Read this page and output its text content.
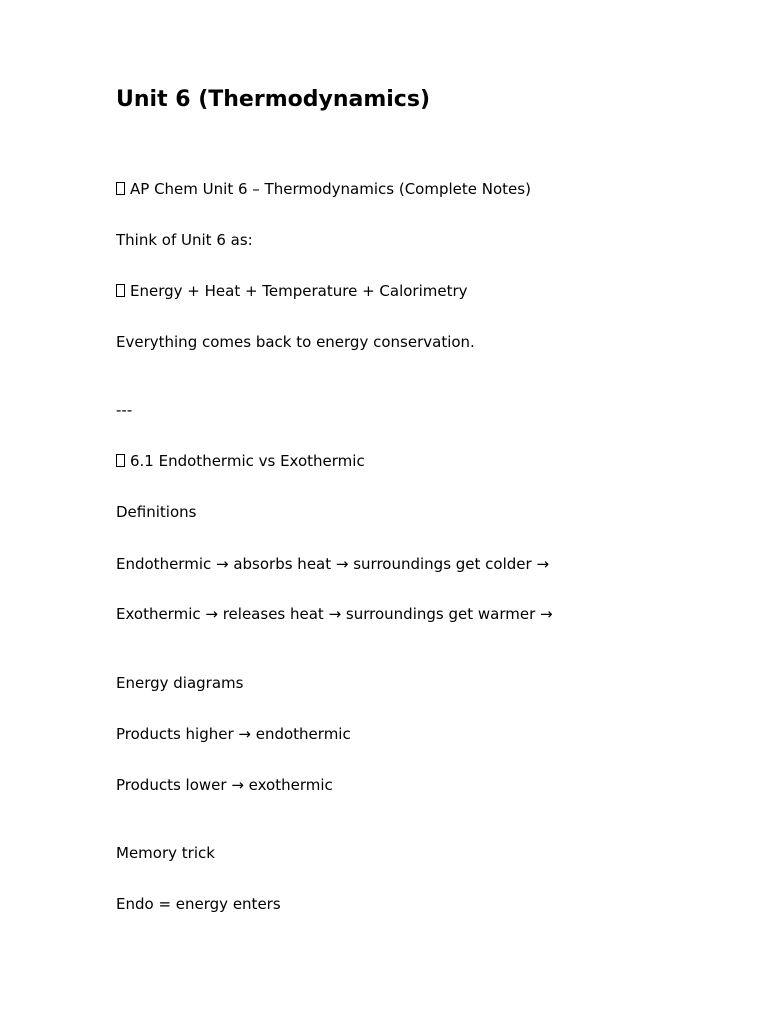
Unit 6 (Thermodynamics)
AP Chem Unit 6 – Thermodynamics (Complete Notes)
Think of Unit 6 as:
Energy + Heat + Temperature + Calorimetry
Everything comes back to energy conservation.
---
6.1 Endothermic vs Exothermic
Definitions
Endothermic → absorbs heat → surroundings get colder →
Exothermic → releases heat → surroundings get warmer →
Energy diagrams
Products higher → endothermic
Products lower → exothermic
Memory trick
Endo = energy enters
